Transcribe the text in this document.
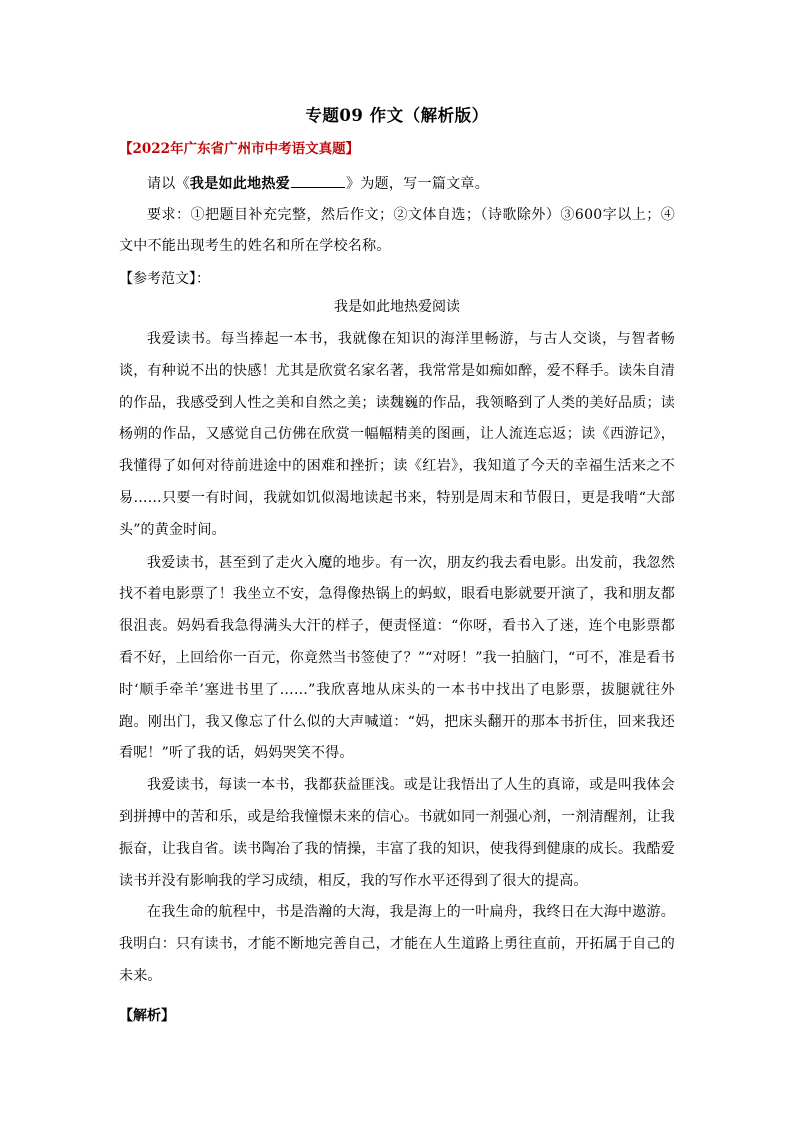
专题09 作文（解析版）
【2022年广东省广州市中考语文真题】

请以《我是如此地热爱	》为题，写一篇文章。

要求：①把题目补充完整，然后作文；②文体自选；（诗歌除外）③600字以上；④文中不能出现考生的姓名和所在学校名称。

【参考范文】：
我是如此地热爱阅读

我爱读书。每当捧起一本书，我就像在知识的海洋里畅游，与古人交谈，与智者畅谈，有种说不出的快感！尤其是欣赏名家名著，我常常是如痴如醉，爱不释手。读朱自清的作品，我感受到人性之美和自然之美；读魏巍的作品，我领略到了人类的美好品质；读杨朔的作品，又感觉自己仿佛在欣赏一幅幅精美的图画，让人流连忘返；读《西游记》，我懂得了如何对待前进途中的困难和挫折；读《红岩》，我知道了今天的幸福生活来之不易……只要一有时间，我就如饥似渴地读起书来，特别是周末和节假日，更是我啃“大部头”的黄金时间。

我爱读书，甚至到了走火入魔的地步。有一次，朋友约我去看电影。出发前，我忽然找不着电影票了！我坐立不安，急得像热锅上的蚂蚁，眼看电影就要开演了，我和朋友都很沮丧。妈妈看我急得满头大汗的样子，便责怪道：“你呀，看书入了迷，连个电影票都看不好，上回给你一百元，你竟然当书签使了？”“对呀！”我一拍脑门，“可不，准是看书时‘顺手牵羊’塞进书里了……”我欣喜地从床头的一本书中找出了电影票，拔腿就往外跑。刚出门，我又像忘了什么似的大声喊道：“妈，把床头翻开的那本书折住，回来我还看呢！”听了我的话，妈妈哭笑不得。

我爱读书，每读一本书，我都获益匪浅。或是让我悟出了人生的真谛，或是叫我体会到拼搏中的苦和乐，或是给我憧憬未来的信心。书就如同一剂强心剂，一剂清醒剂，让我振奋，让我自省。读书陶冶了我的情操，丰富了我的知识，使我得到健康的成长。我酷爱读书并没有影响我的学习成绩，相反，我的写作水平还得到了很大的提高。

在我生命的航程中，书是浩瀚的大海，我是海上的一叶扁舟，我终日在大海中遨游。我明白：只有读书，才能不断地完善自己，才能在人生道路上勇往直前，开拓属于自己的未来。

【解析】
